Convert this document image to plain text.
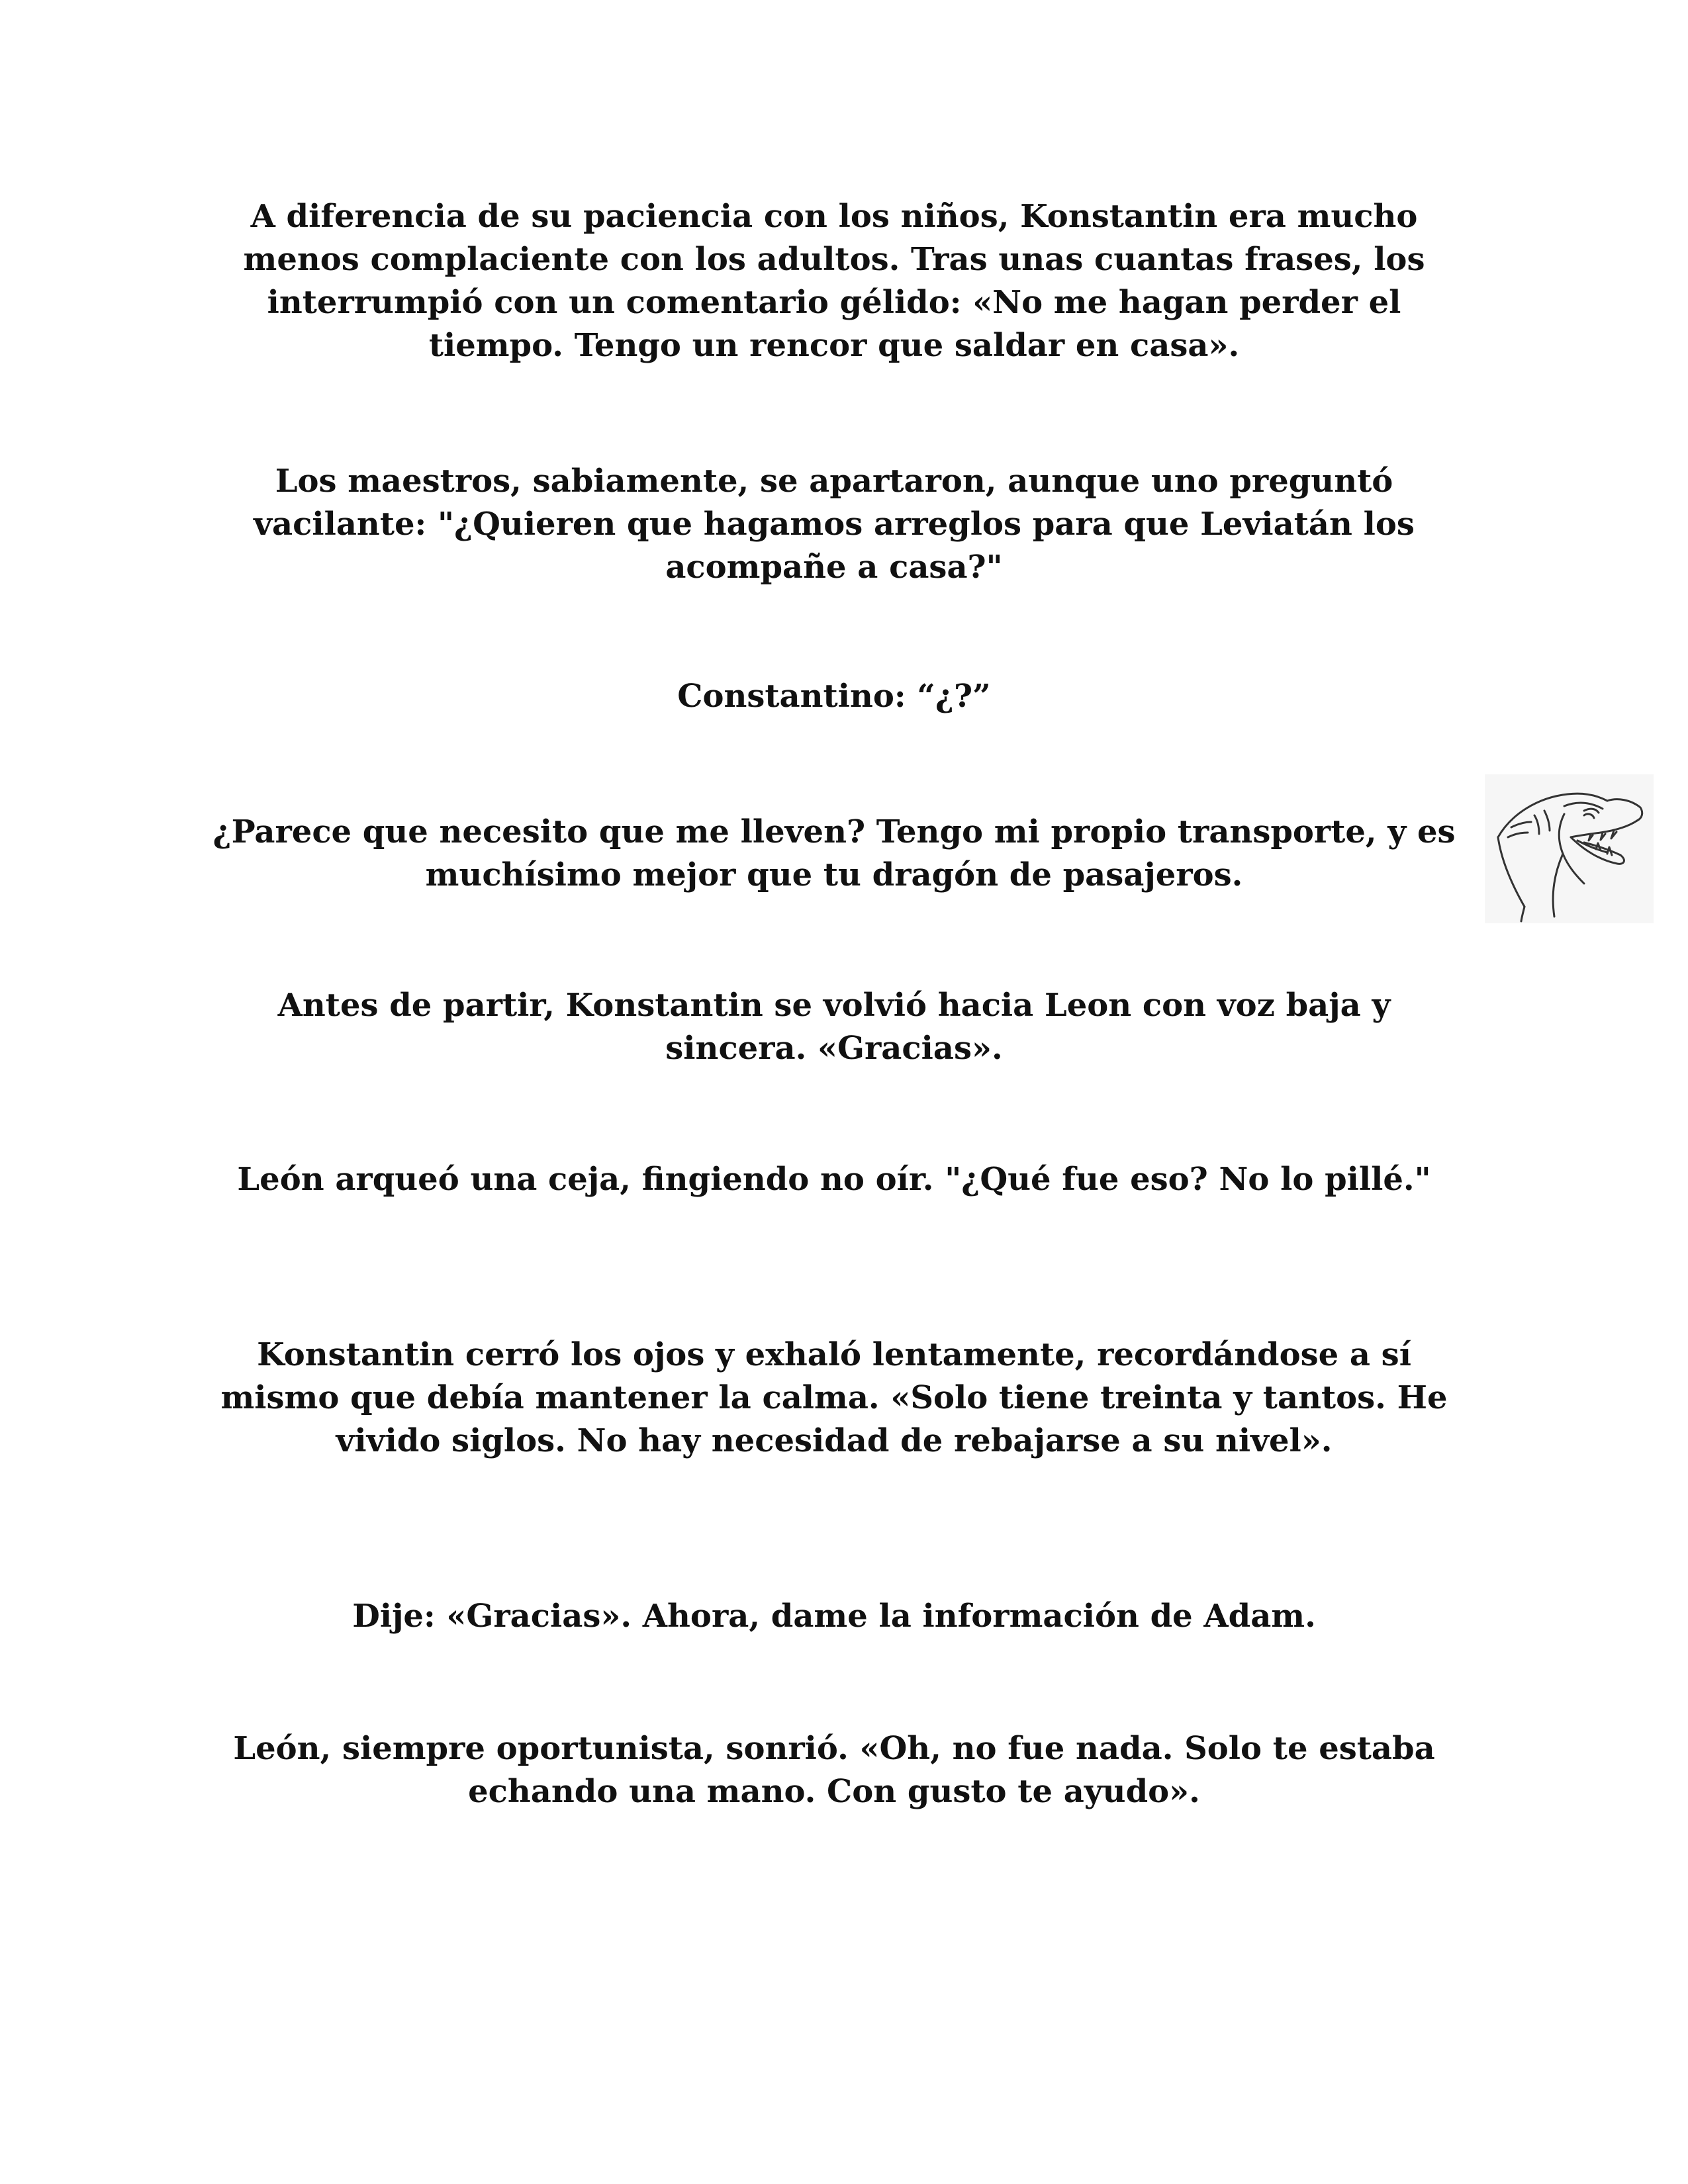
A diferencia de su paciencia con los niños, Konstantin era mucho menos complaciente con los adultos. Tras unas cuantas frases, los interrumpió con un comentario gélido: «No me hagan perder el tiempo. Tengo un rencor que saldar en casa».

Los maestros, sabiamente, se apartaron, aunque uno preguntó vacilante: "¿Quieren que hagamos arreglos para que Leviatán los acompañe a casa?"

Constantino: “¿?”

¿Parece que necesito que me lleven? Tengo mi propio transporte, y es muchísimo mejor que tu dragón de pasajeros.

Antes de partir, Konstantin se volvió hacia Leon con voz baja y sincera. «Gracias».

León arqueó una ceja, fingiendo no oír. "¿Qué fue eso? No lo pillé."

Konstantin cerró los ojos y exhaló lentamente, recordándose a sí mismo que debía mantener la calma. «Solo tiene treinta y tantos. He vivido siglos. No hay necesidad de rebajarse a su nivel».

Dije: «Gracias». Ahora, dame la información de Adam.

León, siempre oportunista, sonrió. «Oh, no fue nada. Solo te estaba echando una mano. Con gusto te ayudo».
